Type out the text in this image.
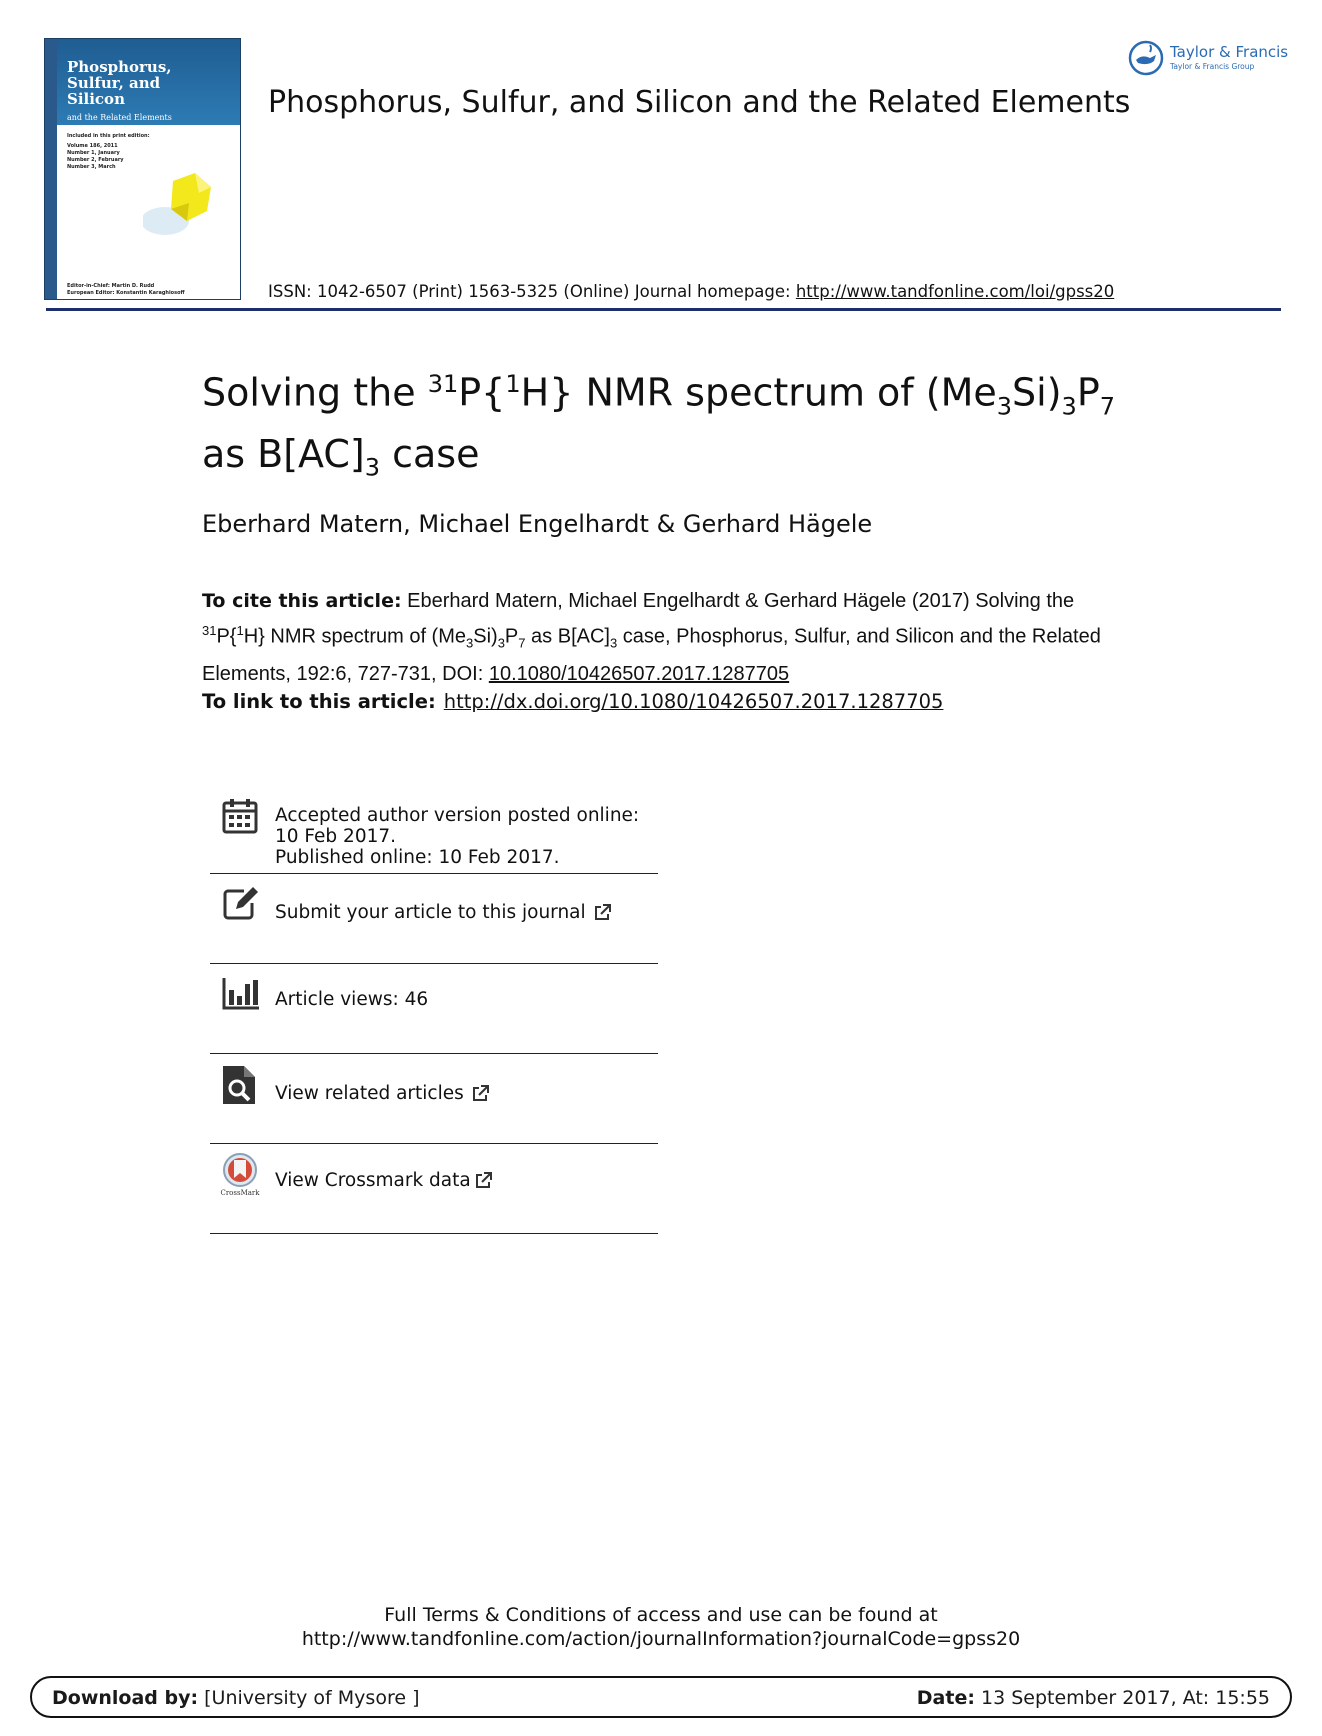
Phosphorus,
Sulfur, and
Silicon
and the Related Elements
Included in this print edition:
Volume 186, 2011
Number 1, January
Number 2, February
Number 3, March
Editor-in-Chief: Martin D. Rudd
European Editor: Konstantin Karaghiosoff
Phosphorus, Sulfur, and Silicon and the Related Elements
Taylor & Francis
Taylor & Francis Group
ISSN: 1042-6507 (Print) 1563-5325 (Online) Journal homepage: http://www.tandfonline.com/loi/gpss20
Solving the $^{31}$P{$^1$H} NMR spectrum of $(Me_3Si)_3P_7$ as $B[AC]_3$ case
Eberhard Matern, Michael Engelhardt & Gerhard Hägele
To cite this article: Eberhard Matern, Michael Engelhardt & Gerhard Hägele (2017) Solving the $^{31}$P{$^1$H} NMR spectrum of $(Me_3Si)_3P_7$ as $B[AC]_3$ case, Phosphorus, Sulfur, and Silicon and the Related Elements, 192:6, 727-731, DOI: 10.1080/10426507.2017.1287705
To link to this article: http://dx.doi.org/10.1080/10426507.2017.1287705
Accepted author version posted online: 10 Feb 2017.
Published online: 10 Feb 2017.
Submit your article to this journal
Article views: 46
View related articles
CrossMark
View Crossmark data
Full Terms & Conditions of access and use can be found at
http://www.tandfonline.com/action/journalInformation?journalCode=gpss20
Download by: [University of Mysore ]	Date: 13 September 2017, At: 15:55
